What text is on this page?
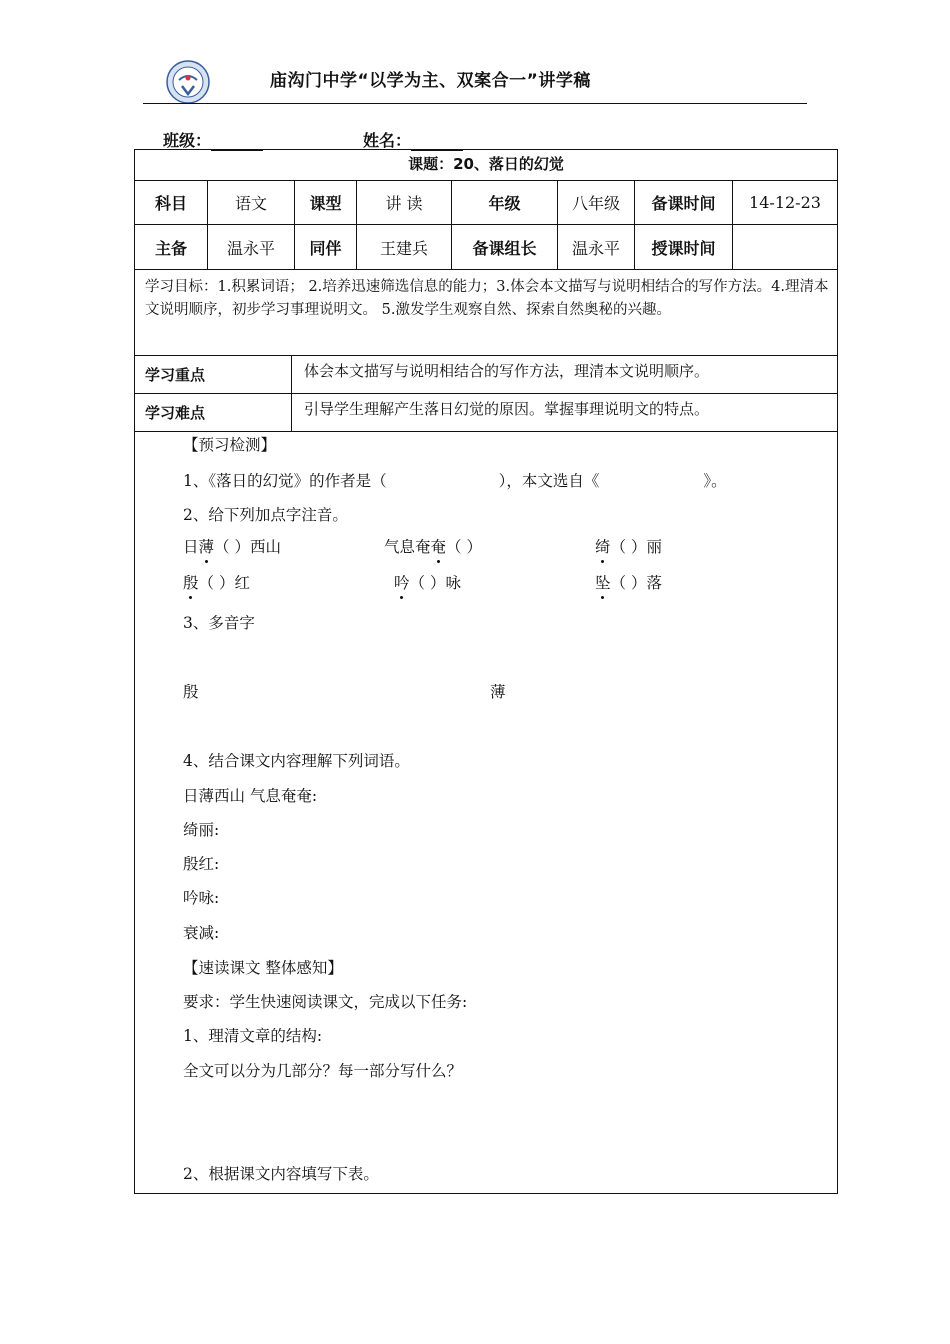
庙沟门中学“以学为主、双案合一”讲学稿
班级：	姓名：
课题：20、落日的幻觉
科目	语文	课型	讲 读	年级	八年级	备课时间	14-12-23
主备	温永平	同伴	王建兵	备课组长	温永平	授课时间
学习目标：1.积累词语； 2.培养迅速筛选信息的能力；3.体会本文描写与说明相结合的写作方法。4.理清本文说明顺序，初步学习事理说明文。 5.激发学生观察自然、探索自然奥秘的兴趣。
学习重点	体会本文描写与说明相结合的写作方法，理清本文说明顺序。
学习难点	引导学生理解产生落日幻觉的原因。掌握事理说明文的特点。
【预习检测】
1、《落日的幻觉》的作者是（	），本文选自《	》。
2、给下列加点字注音。
日薄（ ）西山	气息奄奄（ ）	绮（ ）丽
殷（ ）红	吟（ ）咏	坠（ ）落
3、多音字
殷	薄
4、结合课文内容理解下列词语。
日薄西山 气息奄奄:
绮丽:
殷红:
吟咏:
衰减:
【速读课文 整体感知】
要求：学生快速阅读课文，完成以下任务:
1、理清文章的结构:
全文可以分为几部分？每一部分写什么？
2、根据课文内容填写下表。
